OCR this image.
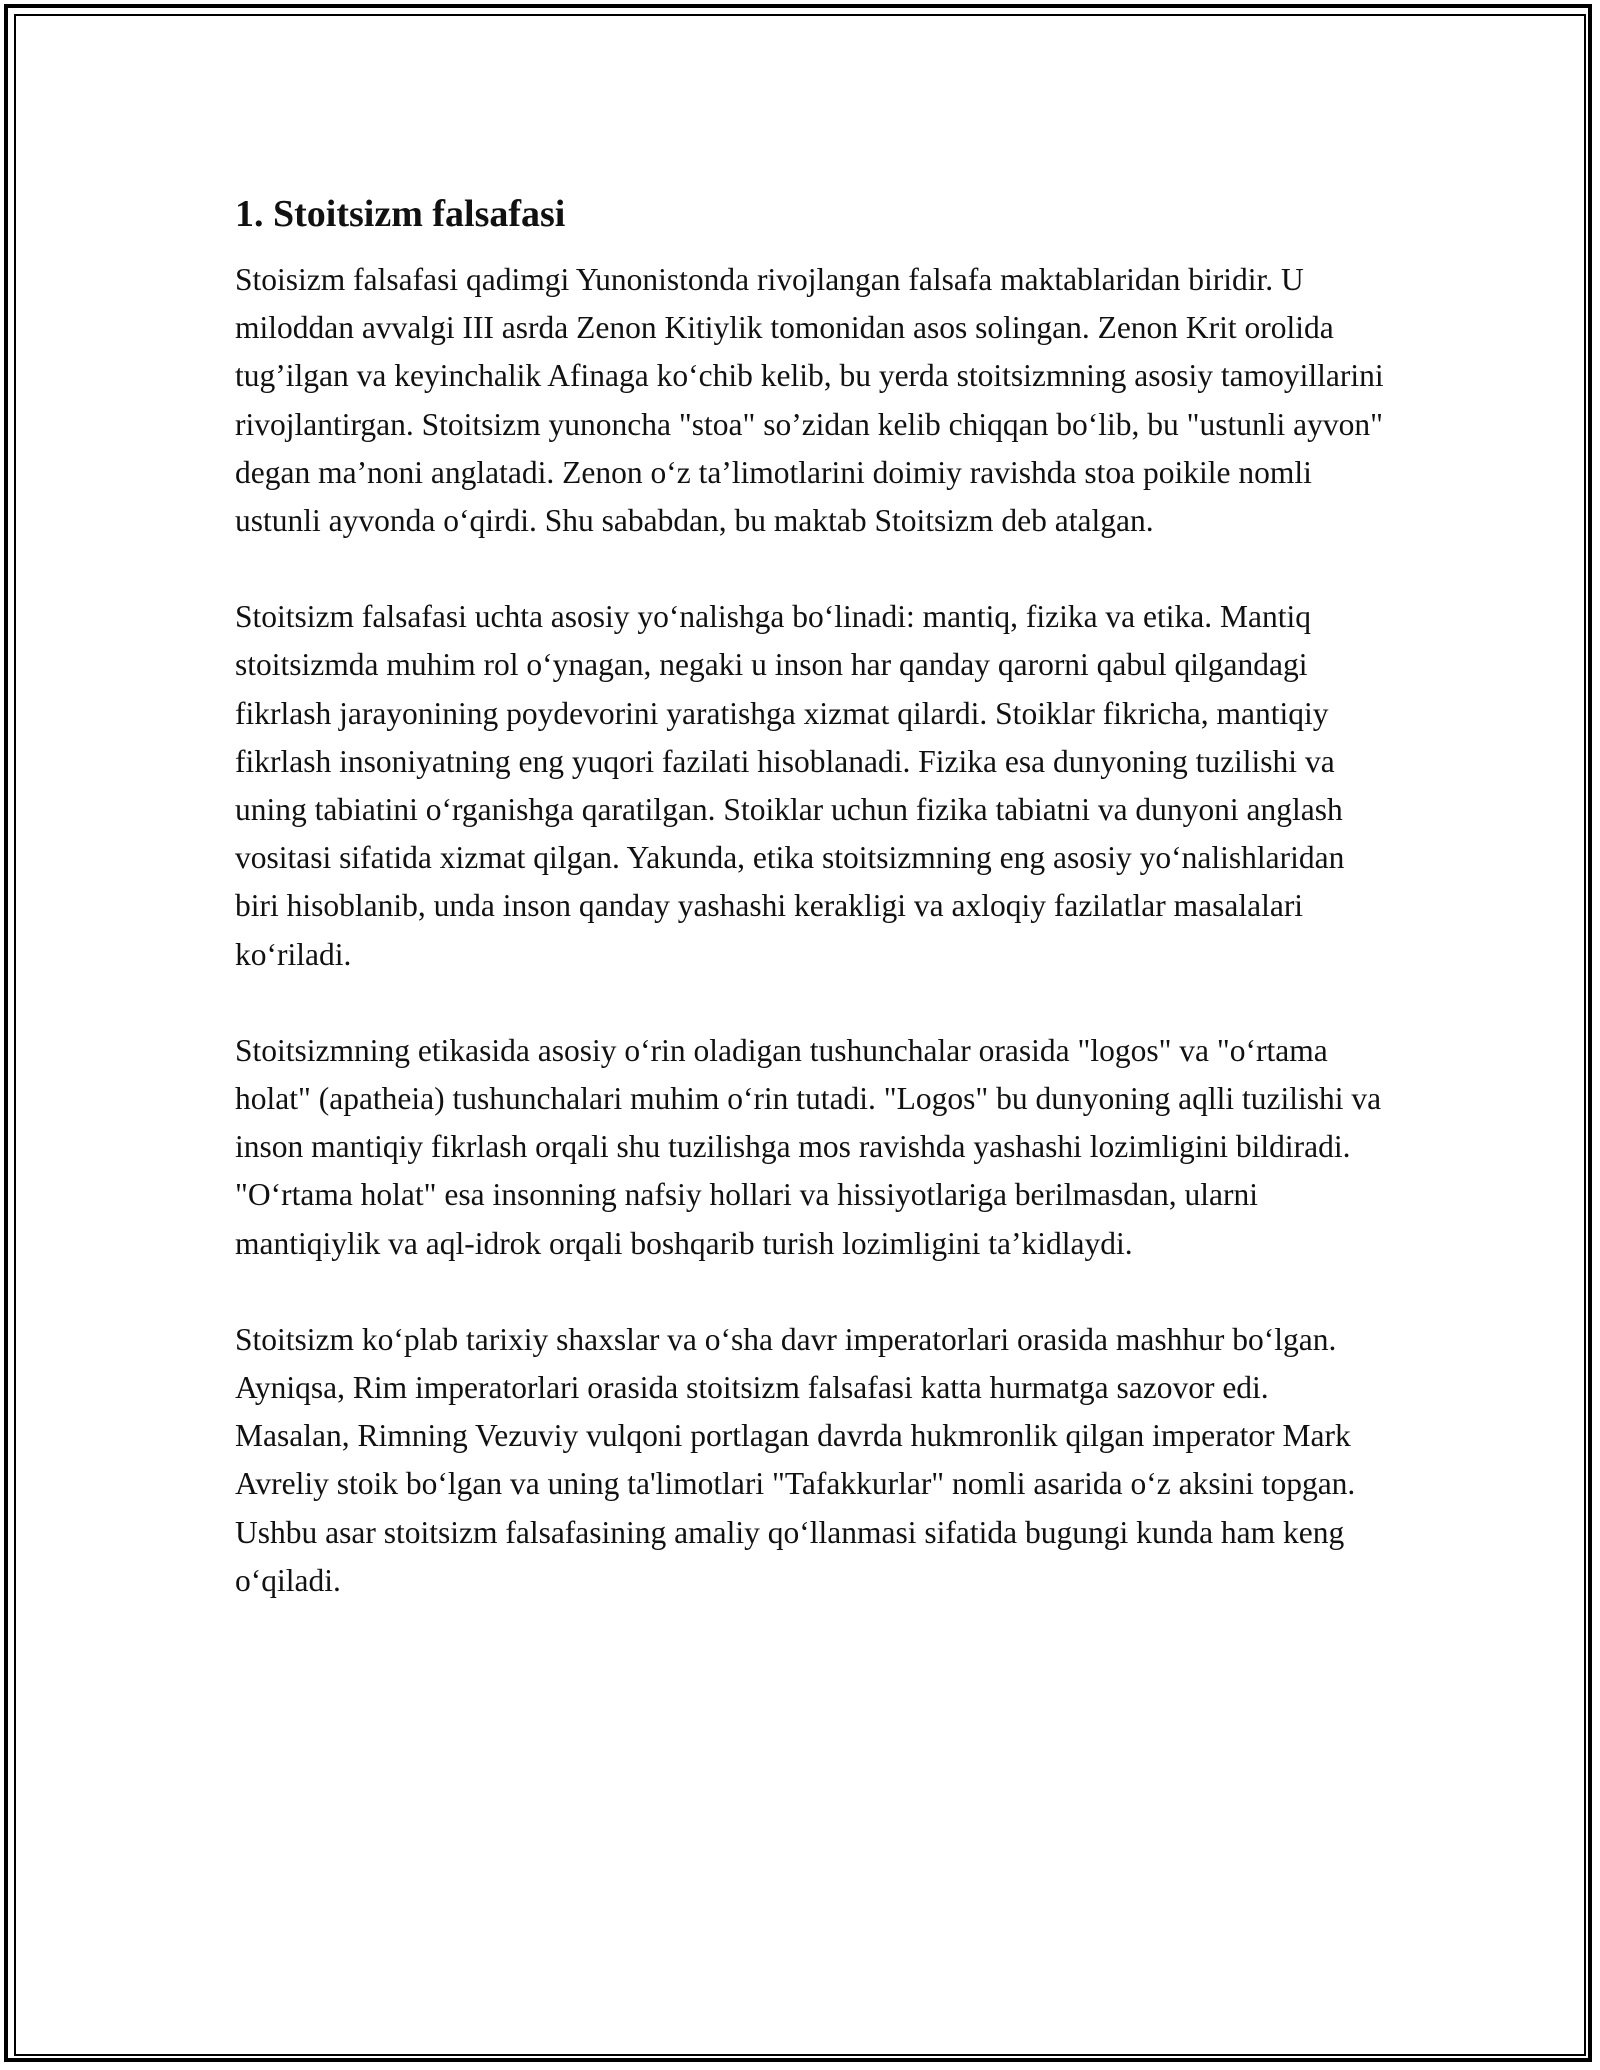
1. Stoitsizm falsafasi

Stoisizm falsafasi qadimgi Yunonistonda rivojlangan falsafa maktablaridan biridir. U miloddan avvalgi III asrda Zenon Kitiylik tomonidan asos solingan. Zenon Krit orolida tug’ilgan va keyinchalik Afinaga ko‘chib kelib, bu yerda stoitsizmning asosiy tamoyillarini rivojlantirgan. Stoitsizm yunoncha "stoa" so’zidan kelib chiqqan bo‘lib, bu "ustunli ayvon" degan ma’noni anglatadi. Zenon o‘z ta’limotlarini doimiy ravishda stoa poikile nomli ustunli ayvonda o‘qirdi. Shu sababdan, bu maktab Stoitsizm deb atalgan.

Stoitsizm falsafasi uchta asosiy yo‘nalishga bo‘linadi: mantiq, fizika va etika. Mantiq stoitsizmda muhim rol o‘ynagan, negaki u inson har qanday qarorni qabul qilgandagi fikrlash jarayonining poydevorini yaratishga xizmat qilardi. Stoiklar fikricha, mantiqiy fikrlash insoniyatning eng yuqori fazilati hisoblanadi. Fizika esa dunyoning tuzilishi va uning tabiatini o‘rganishga qaratilgan. Stoiklar uchun fizika tabiatni va dunyoni anglash vositasi sifatida xizmat qilgan. Yakunda, etika stoitsizmning eng asosiy yo‘nalishlaridan biri hisoblanib, unda inson qanday yashashi kerakligi va axloqiy fazilatlar masalalari ko‘riladi.

Stoitsizmning etikasida asosiy o‘rin oladigan tushunchalar orasida "logos" va "o‘rtama holat" (apatheia) tushunchalari muhim o‘rin tutadi. "Logos" bu dunyoning aqlli tuzilishi va inson mantiqiy fikrlash orqali shu tuzilishga mos ravishda yashashi lozimligini bildiradi. "O‘rtama holat" esa insonning nafsiy hollari va hissiyotlariga berilmasdan, ularni mantiqiylik va aql-idrok orqali boshqarib turish lozimligini ta’kidlaydi.

Stoitsizm ko‘plab tarixiy shaxslar va o‘sha davr imperatorlari orasida mashhur bo‘lgan. Ayniqsa, Rim imperatorlari orasida stoitsizm falsafasi katta hurmatga sazovor edi. Masalan, Rimning Vezuviy vulqoni portlagan davrda hukmronlik qilgan imperator Mark Avreliy stoik bo‘lgan va uning ta'limotlari "Tafakkurlar" nomli asarida o‘z aksini topgan. Ushbu asar stoitsizm falsafasining amaliy qo‘llanmasi sifatida bugungi kunda ham keng o‘qiladi.
